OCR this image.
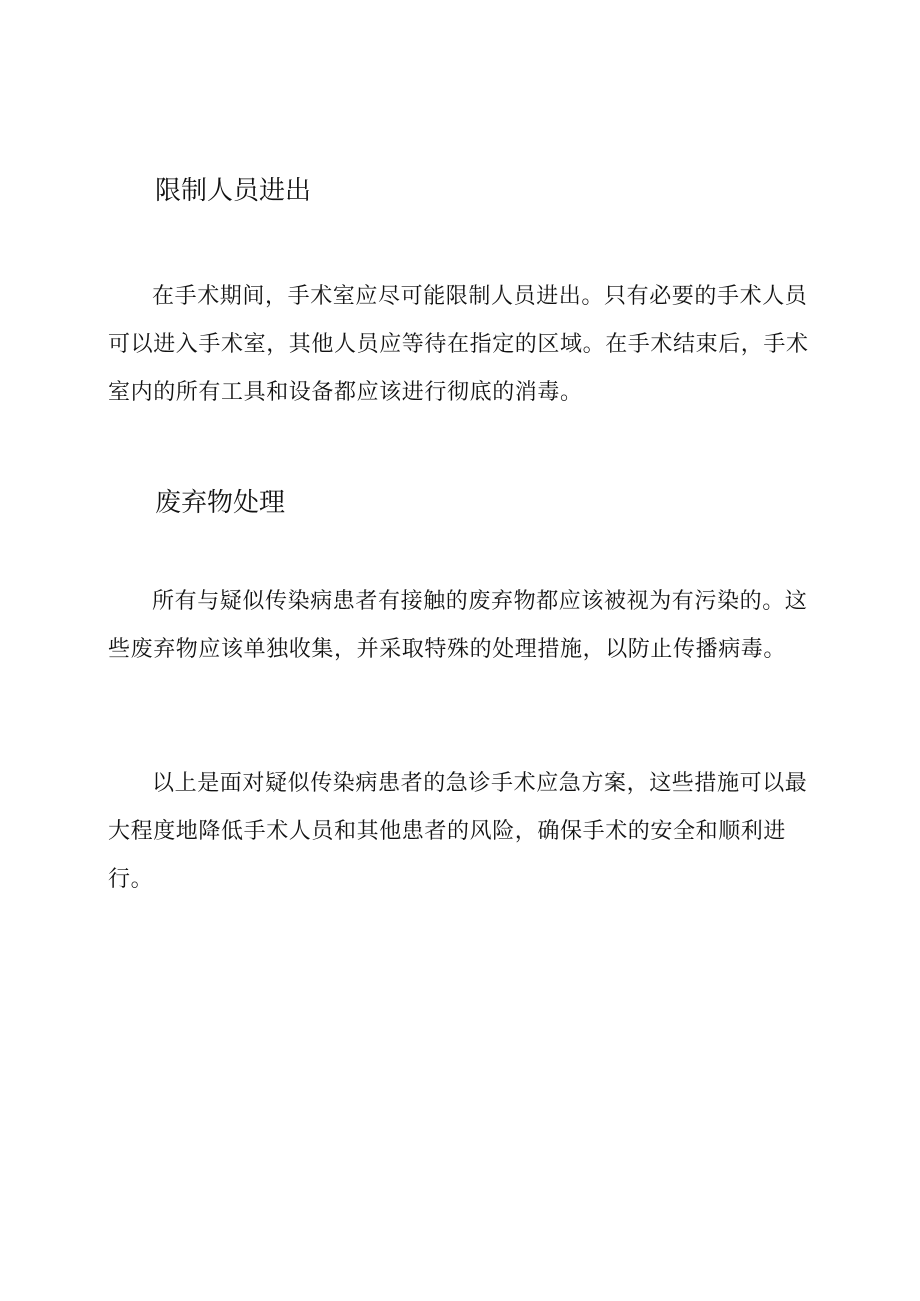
限制人员进出

在手术期间，手术室应尽可能限制人员进出。只有必要的手术人员可以进入手术室，其他人员应等待在指定的区域。在手术结束后，手术室内的所有工具和设备都应该进行彻底的消毒。

废弃物处理

所有与疑似传染病患者有接触的废弃物都应该被视为有污染的。这些废弃物应该单独收集，并采取特殊的处理措施，以防止传播病毒。

以上是面对疑似传染病患者的急诊手术应急方案，这些措施可以最大程度地降低手术人员和其他患者的风险，确保手术的安全和顺利进行。
